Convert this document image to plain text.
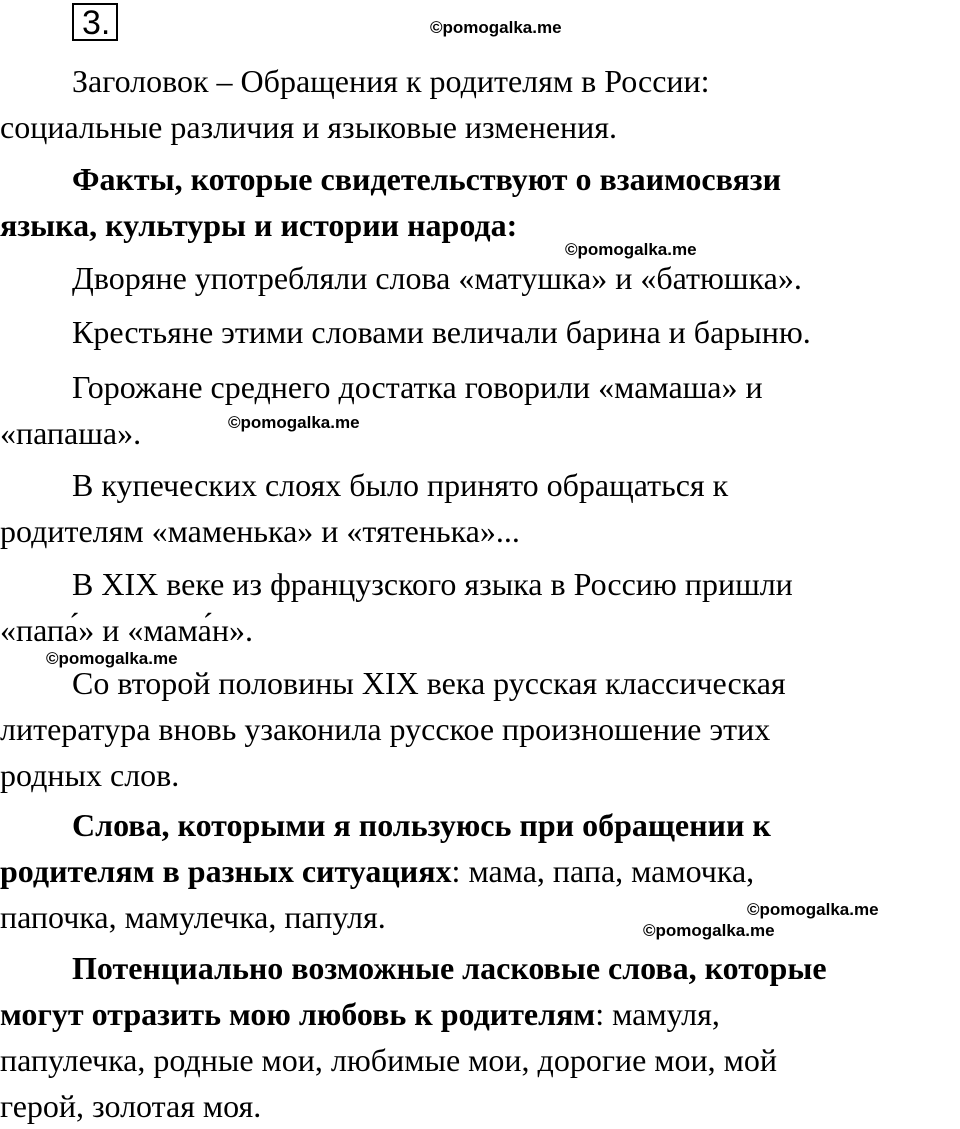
3.	©pomogalka.me
©pomogalka.me
©pomogalka.me
©pomogalka.me
©pomogalka.me
©pomogalka.me
Заголовок – Обращения к родителям в России:
социальные различия и языковые изменения.
Факты, которые свидетельствуют о взаимосвязи
языка, культуры и истории народа:
Дворяне употребляли слова «матушка» и «батюшка».
Крестьяне этими словами величали барина и барыню.
Горожане среднего достатка говорили «мамаша» и
«папаша».
В купеческих слоях было принято обращаться к
родителям «маменька» и «тятенька»...
В XIX веке из французского языка в Россию пришли
«папа́» и «мама́н».
Со второй половины XIX века русская классическая
литература вновь узаконила русское произношение этих
родных слов.
Слова, которыми я пользуюсь при обращении к
родителям в разных ситуациях: мама, папа, мамочка,
папочка, мамулечка, папуля.
Потенциально возможные ласковые слова, которые
могут отразить мою любовь к родителям: мамуля,
папулечка, родные мои, любимые мои, дорогие мои, мой
герой, золотая моя.
